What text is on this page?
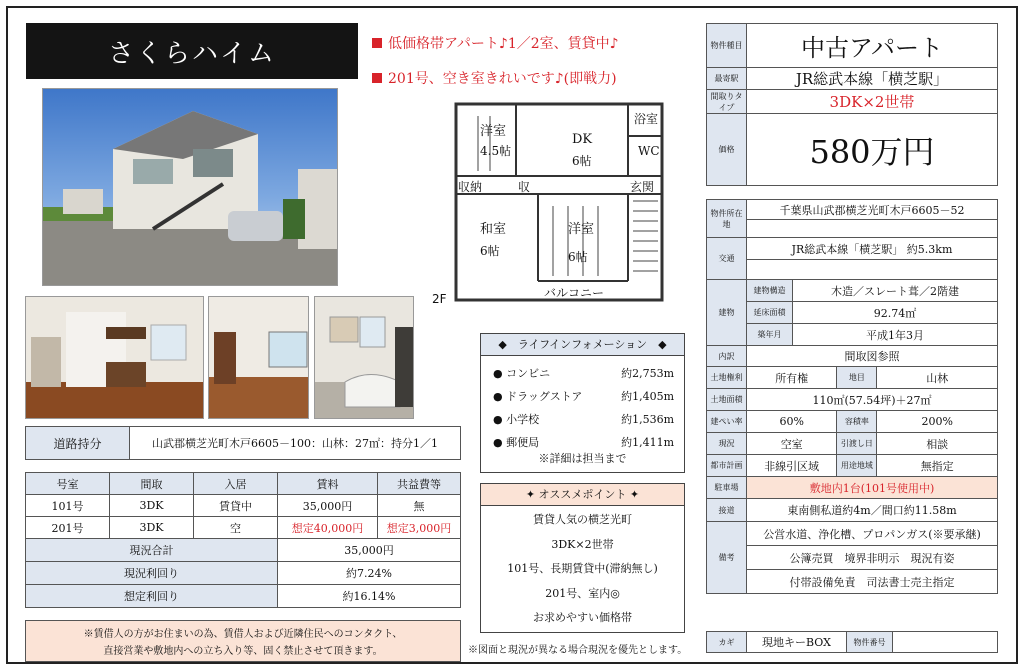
さくらハイム	低価格帯アパート♪1／2室、賃貸中♪
201号、空き室きれいです♪(即戦力)
洋室
4.5帖
DK
6帖
浴室
WC
収納	収	玄関
和室
6帖
洋室
6帖
バルコニー
2F
道路持分	山武郡横芝光町木戸6605－100：山林：27㎡：持分1／1
号室	間取	入居	賃料	共益費等
101号	3DK	賃貸中	35,000円	無
201号	3DK	空	想定40,000円	想定3,000円
現況合計			35,000円	
現況利回り			約7.24%	
想定利回り			約16.14%	
※賃借人の方がお住まいの為、賃借人および近隣住民へのコンタクト、
直接営業や敷地内への立ち入り等、固く禁止させて頂きます。
◆　ライフインフォメーション　◆
● コンビニ	約2,753m
● ドラッグストア	約1,405m
● 小学校	約1,536m
● 郵便局	約1,411m
※詳細は担当まで
✦ オススメポイント ✦
賃貸人気の横芝光町
3DK×2世帯
101号、長期賃貸中(滞納無し)
201号、室内◎
お求めやすい価格帯
※図面と現況が異なる場合現況を優先とします。
物件種目	中古アパート
最寄駅	JR総武本線「横芝駅」
間取りタイプ	3DK×2世帯
価格	580万円
物件所在地	千葉県山武郡横芝光町木戸6605－52			

交通	JR総武本線「横芝駅」 約5.3km			

建物	建物構造	木造／スレート葺／2階建		
	延床面積	92.74㎡		
	築年月	平成1年3月		
内訳	間取図参照			
土地権利	所有権		地目	山林
土地面積	110㎡(57.54坪)＋27㎡			
建ぺい率	60%		容積率	200%
現況	空室		引渡し日	相談
都市計画	非線引区域		用途地域	無指定
駐車場	敷地内1台(101号使用中)			
接道	東南側私道約4m／間口約11.58m			
備考	公営水道、浄化槽、プロパンガス(※要承継)			
	公簿売買　境界非明示　現況有姿			
	付帯設備免責　司法書士売主指定			
カギ	現地キーBOX	物件番号	
